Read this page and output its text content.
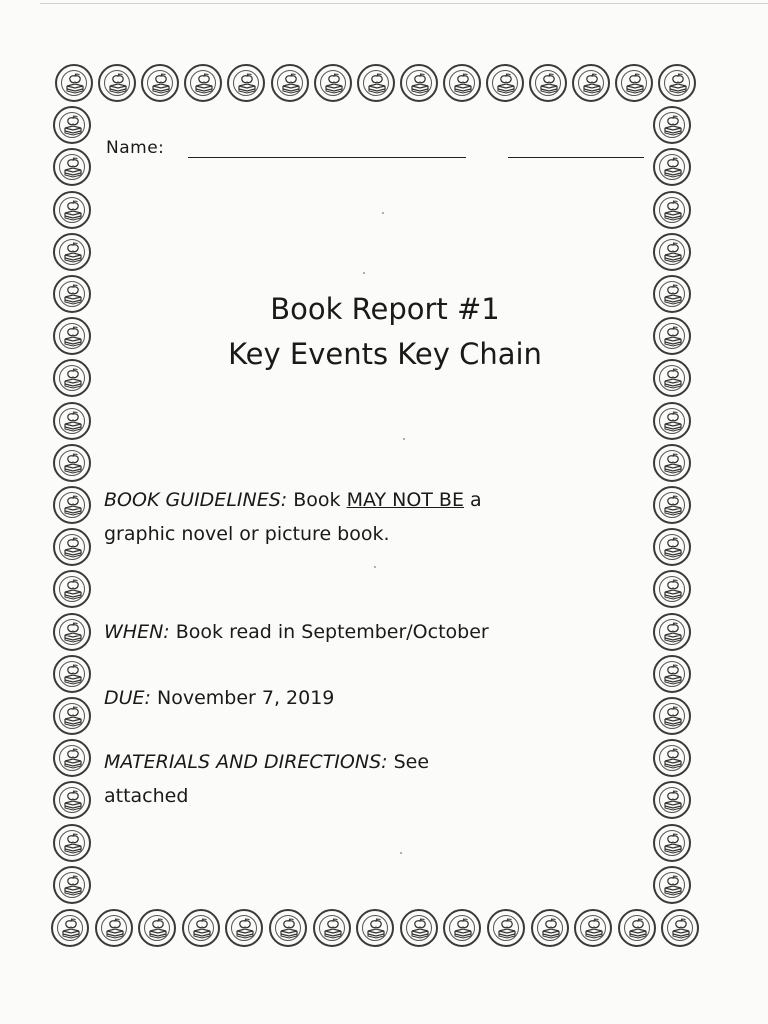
Name:
Book Report #1
Key Events Key Chain
BOOK GUIDELINES: Book MAY NOT BE a
graphic novel or picture book.
WHEN: Book read in September/October
DUE: November 7, 2019
MATERIALS AND DIRECTIONS: See
attached
